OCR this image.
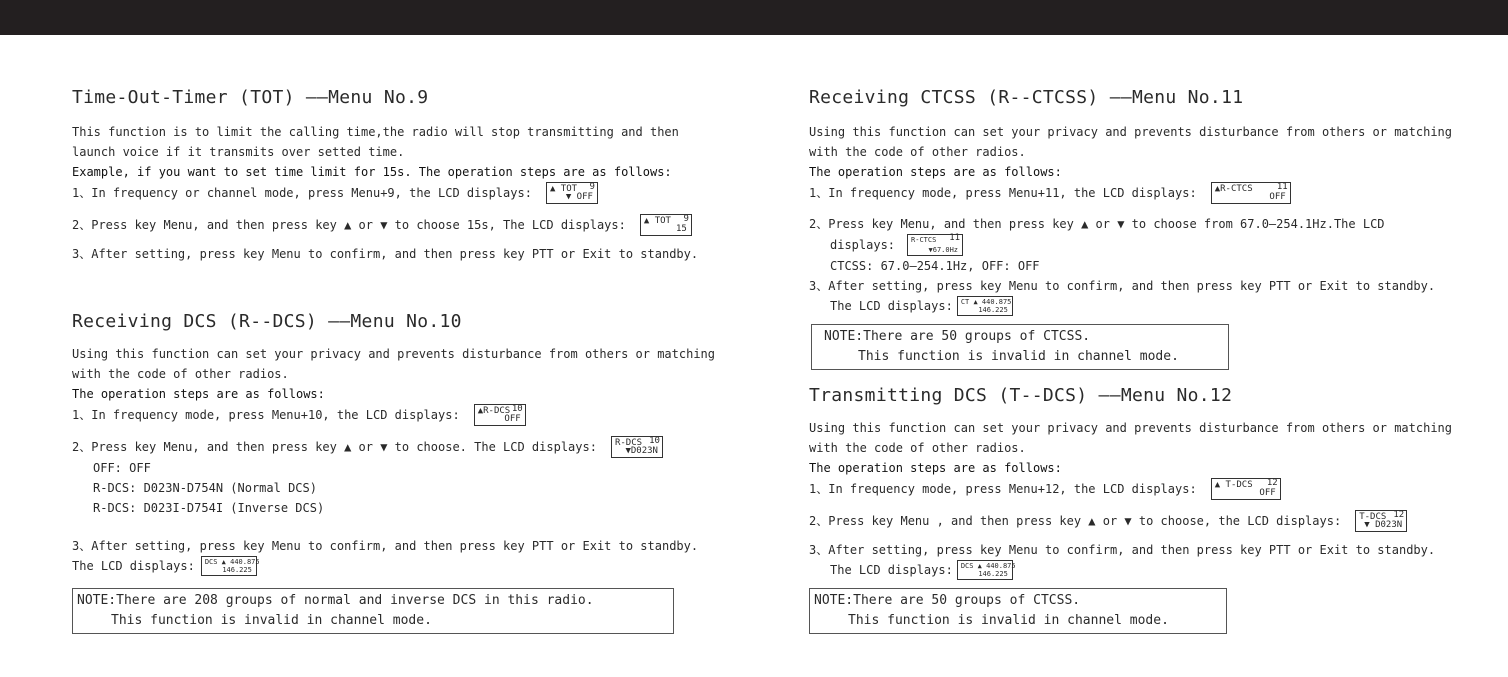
Time-Out-Timer (TOT) ——Menu No.9
This function is to limit the calling time,the radio will stop transmitting and then
launch voice if it transmits over setted time.
Example, if you want to set time limit for 15s. The operation steps are as follows:
1、In frequency or channel mode, press Menu+9, the LCD displays: ▲ TOT 9
▼ OFF
2、Press key Menu, and then press key ▲ or ▼ to choose 15s, The LCD displays: ▲ TOT 9
15
3、After setting, press key Menu to confirm, and then press key PTT or Exit to standby.
Receiving DCS (R--DCS) ——Menu No.10
Using this function can set your privacy and prevents disturbance from others or matching
with the code of other radios.
The operation steps are as follows:
1、In frequency mode, press Menu+10, the LCD displays: ▲R-DCS 10
OFF
2、Press key Menu, and then press key ▲ or ▼ to choose. The LCD displays: R-DCS 10
▼D023N
OFF: OFF
R-DCS: D023N-D754N (Normal DCS)
R-DCS: D023I-D754I (Inverse DCS)
3、After setting, press key Menu to confirm, and then press key PTT or Exit to standby.
The LCD displays: DCS ▲ 440.875
146.225
NOTE:There are 208 groups of normal and inverse DCS in this radio.
This function is invalid in channel mode.
Receiving CTCSS (R--CTCSS) ——Menu No.11
Using this function can set your privacy and prevents disturbance from others or matching
with the code of other radios.
The operation steps are as follows:
1、In frequency mode, press Menu+11, the LCD displays: ▲R-CTCS	11
OFF
2、Press key Menu, and then press key ▲ or ▼ to choose from 67.0—254.1Hz.The LCD
displays: R-CTCS 11
▼67.0Hz
CTCSS: 67.0—254.1Hz, OFF: OFF
3、After setting, press key Menu to confirm, and then press key PTT or Exit to standby.
The LCD displays: CT ▲ 440.875
146.225
NOTE:There are 50 groups of CTCSS.
This function is invalid in channel mode.
Transmitting DCS (T--DCS) ——Menu No.12
Using this function can set your privacy and prevents disturbance from others or matching
with the code of other radios.
The operation steps are as follows:
1、In frequency mode, press Menu+12, the LCD displays: ▲ T-DCS 12
OFF
2、Press key Menu , and then press key ▲ or ▼ to choose, the LCD displays: T-DCS 12
▼ D023N
3、After setting, press key Menu to confirm, and then press key PTT or Exit to standby.
The LCD displays: DCS ▲ 440.875
146.225
NOTE:There are 50 groups of CTCSS.
This function is invalid in channel mode.
